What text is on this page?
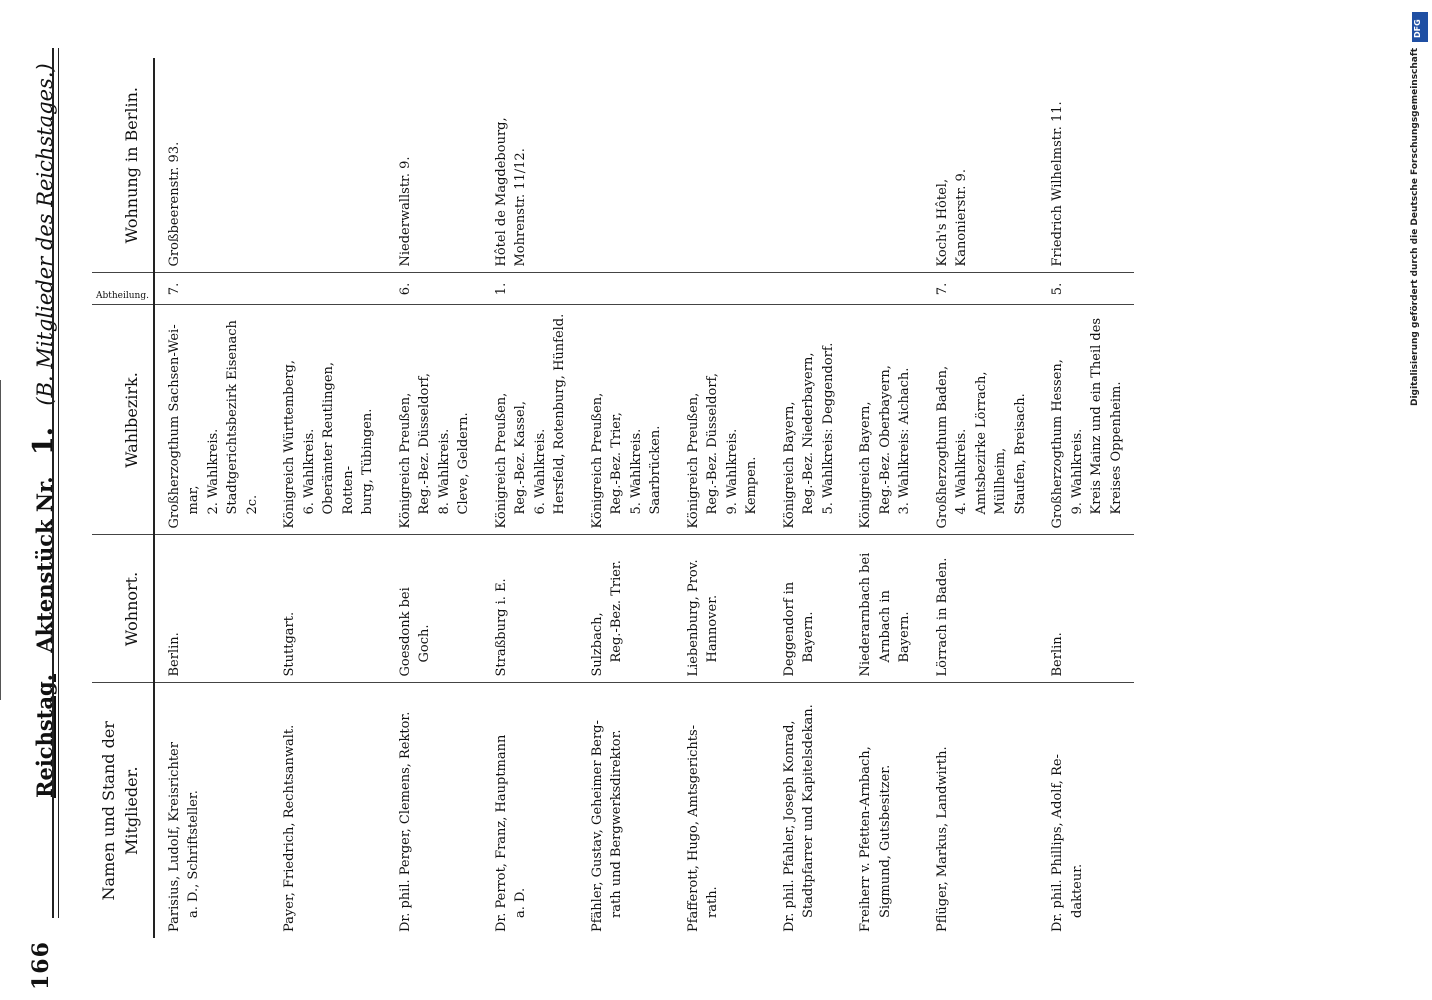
166
Reichstag. Aktenstück Nr. 1. (B. Mitglieder des Reichstages.)
Namen und Stand der Mitglieder.	Wohnort.	Wahlbezirk.	Abtheilung.	Wohnung in Berlin.

Parisius, Ludolf, Kreisrichter a. D., Schriftsteller.	Berlin.	Großherzogthum Sachsen-Wei- mar, 2. Wahlkreis. Stadtgerichtsbezirk Eisenach 2c.	7.	Großbeerenstr. 93.

Payer, Friedrich, Rechtsanwalt.	Stuttgart.	Königreich Württemberg, 6. Wahlkreis. Oberämter Reutlingen, Rotten- burg, Tübingen.		

Dr. phil. Perger, Clemens, Rektor.	Goesdonk bei Goch.	Königreich Preußen, Reg.-Bez. Düsseldorf, 8. Wahlkreis. Cleve, Geldern.	6.	Niederwallstr. 9.

Dr. Perrot, Franz, Hauptmann a. D.	Straßburg i. E.	Königreich Preußen, Reg.-Bez. Kassel, 6. Wahlkreis. Hersfeld, Rotenburg, Hünfeld.	1.	Hôtel de Magdebourg, Mohrenstr. 11/12.

Pfähler, Gustav, Geheimer Berg- rath und Bergwerksdirektor.	Sulzbach, Reg.-Bez. Trier.	Königreich Preußen, Reg.-Bez. Trier, 5. Wahlkreis. Saarbrücken.		

Pfafferott, Hugo, Amtsgerichts- rath.	Liebenburg, Prov. Hannover.	Königreich Preußen, Reg.-Bez. Düsseldorf, 9. Wahlkreis. Kempen.		

Dr. phil. Pfahler, Joseph Konrad, Stadtpfarrer und Kapitelsdekan.	Deggendorf in Bayern.	Königreich Bayern, Reg.-Bez. Niederbayern, 5. Wahlkreis: Deggendorf.		

Freiherr v. Pfetten-Arnbach, Sigmund, Gutsbesitzer.	Niederarnbach bei Arnbach in Bayern.	Königreich Bayern, Reg.-Bez. Oberbayern, 3. Wahlkreis: Aichach.		

Pflüger, Markus, Landwirth.	Lörrach in Baden.	Großherzogthum Baden, 4. Wahlkreis. Amtsbezirke Lörrach, Müllheim, Staufen, Breisach.	7.	Koch's Hôtel, Kanonierstr. 9.

Dr. phil. Phillips, Adolf, Re- dakteur.	Berlin.	Großherzogthum Hessen, 9. Wahlkreis. Kreis Mainz und ein Theil des Kreises Oppenheim.	5.	Friedrich Wilhelmstr. 11.	Digitalisierung gefördert durch die Deutsche Forschungsgemeinschaft
DFG
